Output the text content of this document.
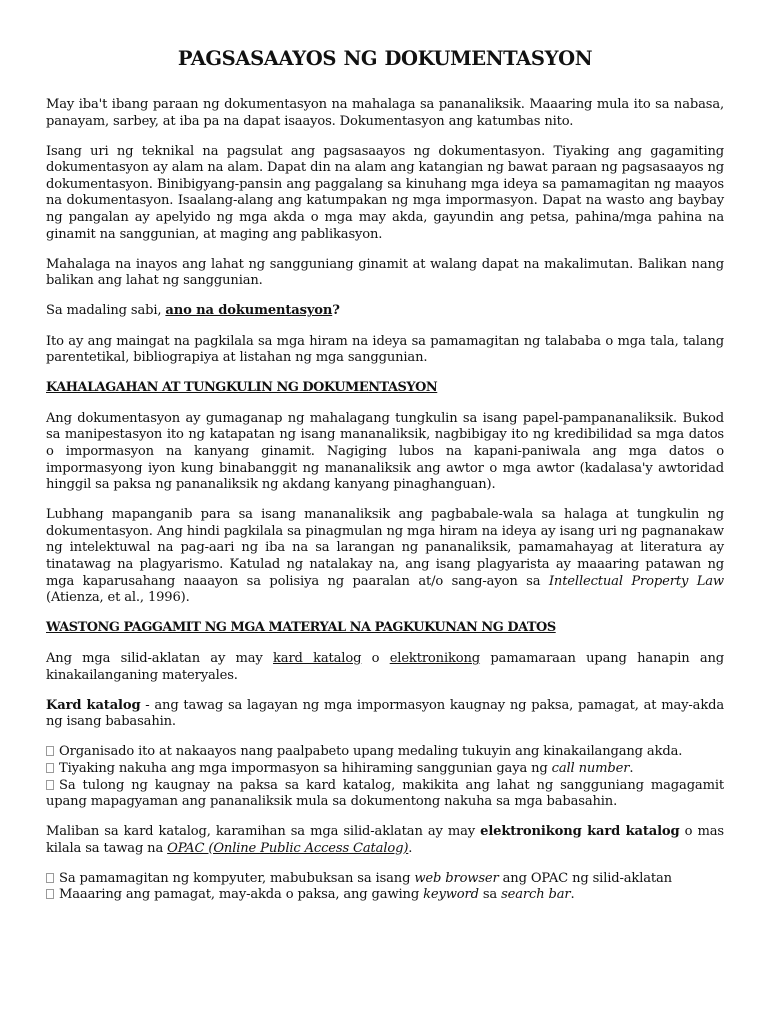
PAGSASAAYOS NG DOKUMENTASYON

May iba't ibang paraan ng dokumentasyon na mahalaga sa pananaliksik. Maaaring mula ito sa nabasa, panayam, sarbey, at iba pa na dapat isaayos. Dokumentasyon ang katumbas nito.

Isang uri ng teknikal na pagsulat ang pagsasaayos ng dokumentasyon. Tiyaking ang gagamiting dokumentasyon ay alam na alam. Dapat din na alam ang katangian ng bawat paraan ng pagsasaayos ng dokumentasyon. Binibigyang-pansin ang paggalang sa kinuhang mga ideya sa pamamagitan ng maayos na dokumentasyon. Isaalang-alang ang katumpakan ng mga impormasyon. Dapat na wasto ang baybay ng pangalan ay apelyido ng mga akda o mga may akda, gayundin ang petsa, pahina/mga pahina na ginamit na sanggunian, at maging ang pablikasyon.

Mahalaga na inayos ang lahat ng sangguniang ginamit at walang dapat na makalimutan. Balikan nang balikan ang lahat ng sanggunian.

Sa madaling sabi, ano na dokumentasyon?

Ito ay ang maingat na pagkilala sa mga hiram na ideya sa pamamagitan ng talababa o mga tala, talang parentetikal, bibliograpiya at listahan ng mga sanggunian.

KAHALAGAHAN AT TUNGKULIN NG DOKUMENTASYON

Ang dokumentasyon ay gumaganap ng mahalagang tungkulin sa isang papel-pampananaliksik. Bukod sa manipestasyon ito ng katapatan ng isang mananaliksik, nagbibigay ito ng kredibilidad sa mga datos o impormasyon na kanyang ginamit. Nagiging lubos na kapani-paniwala ang mga datos o impormasyong iyon kung binabanggit ng mananaliksik ang awtor o mga awtor (kadalasa'y awtoridad hinggil sa paksa ng pananaliksik ng akdang kanyang pinaghanguan).

Lubhang mapanganib para sa isang mananaliksik ang pagbabale-wala sa halaga at tungkulin ng dokumentasyon. Ang hindi pagkilala sa pinagmulan ng mga hiram na ideya ay isang uri ng pagnanakaw ng intelektuwal na pag-aari ng iba na sa larangan ng pananaliksik, pamamahayag at literatura ay tinatawag na plagyarismo. Katulad ng natalakay na, ang isang plagyarista ay maaaring patawan ng mga kaparusahang naaayon sa polisiya ng paaralan at/o sang-ayon sa Intellectual Property Law (Atienza, et al., 1996).

WASTONG PAGGAMIT NG MGA MATERYAL NA PAGKUKUNAN NG DATOS

Ang mga silid-aklatan ay may kard katalog o elektronikong pamamaraan upang hanapin ang kinakailanganing materyales.

Kard katalog - ang tawag sa lagayan ng mga impormasyon kaugnay ng paksa, pamagat, at may-akda ng isang babasahin.

Organisado ito at nakaayos nang paalpabeto upang medaling tukuyin ang kinakailangang akda.
Tiyaking nakuha ang mga impormasyon sa hihiraming sanggunian gaya ng call number.
Sa tulong ng kaugnay na paksa sa kard katalog, makikita ang lahat ng sangguniang magagamit upang mapagyaman ang pananaliksik mula sa dokumentong nakuha sa mga babasahin.

Maliban sa kard katalog, karamihan sa mga silid-aklatan ay may elektronikong kard katalog o mas kilala sa tawag na OPAC (Online Public Access Catalog).

Sa pamamagitan ng kompyuter, mabubuksan sa isang web browser ang OPAC ng silid-aklatan
Maaaring ang pamagat, may-akda o paksa, ang gawing keyword sa search bar.
